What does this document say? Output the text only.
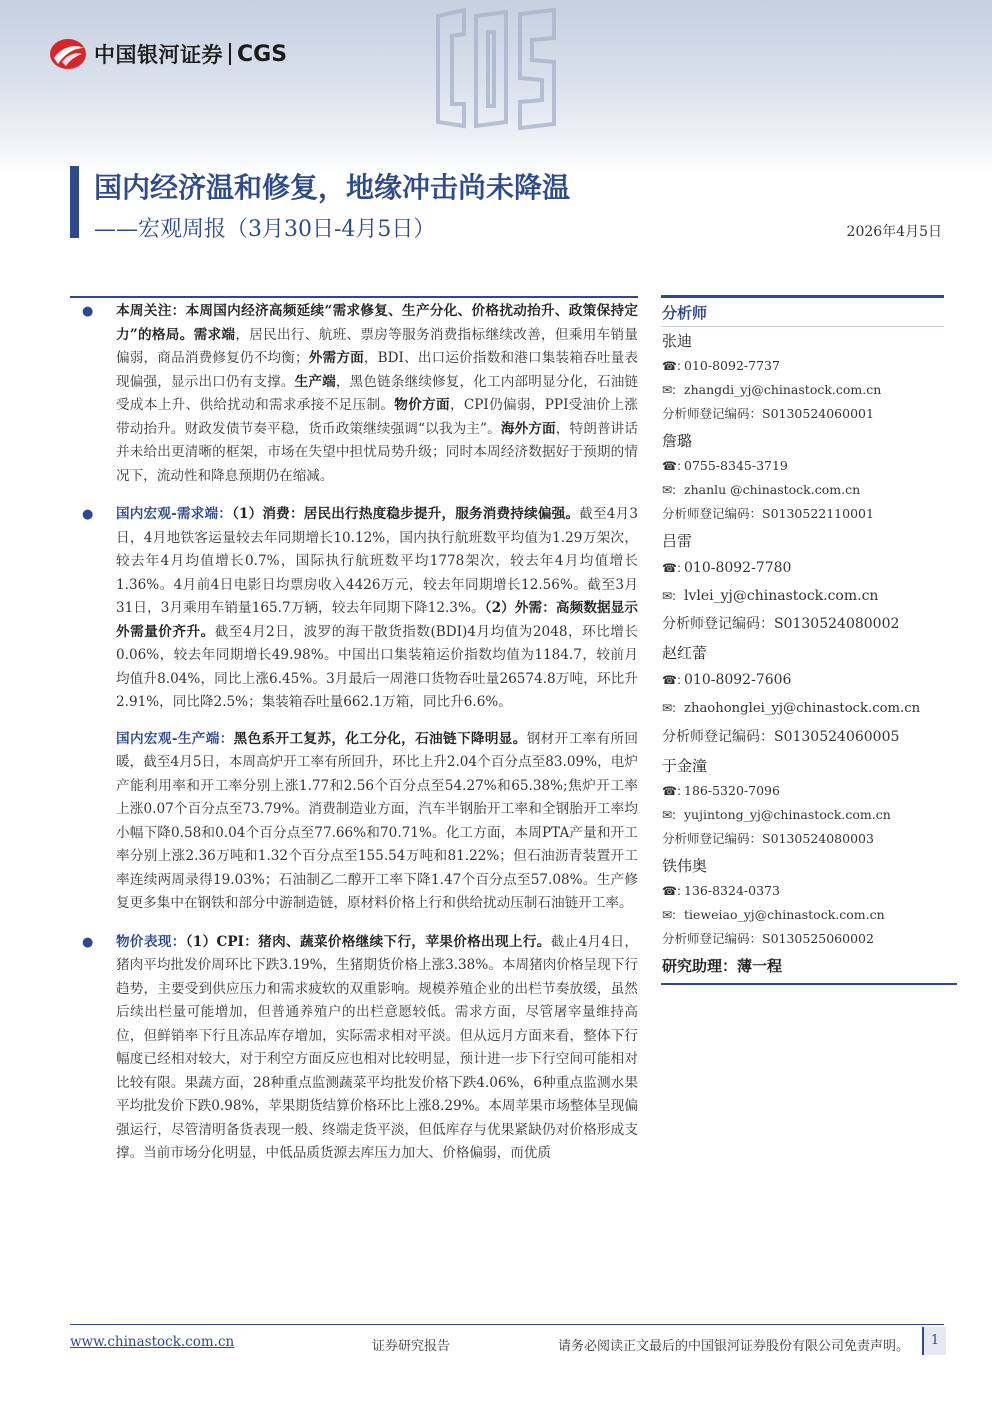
中国银河证券 CGS
国内经济温和修复，地缘冲击尚未降温
——宏观周报（3月30日-4月5日）	2026年4月5日
● 本周关注：本周国内经济高频延续“需求修复、生产分化、价格扰动抬升、政策保持定力”的格局。需求端，居民出行、航班、票房等服务消费指标继续改善，但乘用车销量偏弱，商品消费修复仍不均衡；外需方面，BDI、出口运价指数和港口集装箱吞吐量表现偏强，显示出口仍有支撑。生产端，黑色链条继续修复，化工内部明显分化，石油链受成本上升、供给扰动和需求承接不足压制。物价方面，CPI仍偏弱，PPI受油价上涨带动抬升。财政发债节奏平稳，货币政策继续强调“以我为主”。海外方面，特朗普讲话并未给出更清晰的框架，市场在失望中担忧局势升级；同时本周经济数据好于预期的情况下，流动性和降息预期仍在缩减。
● 国内宏观-需求端：（1）消费：居民出行热度稳步提升，服务消费持续偏强。截至4月3日，4月地铁客运量较去年同期增长10.12%，国内执行航班数平均值为1.29万架次，较去年4月均值增长0.7%，国际执行航班数平均1778架次，较去年4月均值增长1.36%。4月前4日电影日均票房收入4426万元，较去年同期增长12.56%。截至3月31日，3月乘用车销量165.7万辆，较去年同期下降12.3%。（2）外需：高频数据显示外需量价齐升。截至4月2日，波罗的海干散货指数(BDI)4月均值为2048，环比增长0.06%，较去年同期增长49.98%。中国出口集装箱运价指数均值为1184.7，较前月均值升8.04%，同比上涨6.45%。3月最后一周港口货物吞吐量26574.8万吨，环比升2.91%，同比降2.5%；集装箱吞吐量662.1万箱，同比升6.6%。
国内宏观-生产端：黑色系开工复苏，化工分化，石油链下降明显。钢材开工率有所回暖，截至4月5日，本周高炉开工率有所回升，环比上升2.04个百分点至83.09%，电炉产能利用率和开工率分别上涨1.77和2.56个百分点至54.27%和65.38%;焦炉开工率上涨0.07个百分点至73.79%。消费制造业方面，汽车半钢胎开工率和全钢胎开工率均小幅下降0.58和0.04个百分点至77.66%和70.71%。化工方面，本周PTA产量和开工率分别上涨2.36万吨和1.32个百分点至155.54万吨和81.22%；但石油沥青装置开工率连续两周录得19.03%；石油制乙二醇开工率下降1.47个百分点至57.08%。生产修复更多集中在钢铁和部分中游制造链，原材料价格上行和供给扰动压制石油链开工率。
● 物价表现：（1）CPI：猪肉、蔬菜价格继续下行，苹果价格出现上行。截止4月4日，猪肉平均批发价周环比下跌3.19%，生猪期货价格上涨3.38%。本周猪肉价格呈现下行趋势，主要受到供应压力和需求疲软的双重影响。规模养殖企业的出栏节奏放缓，虽然后续出栏量可能增加，但普通养殖户的出栏意愿较低。需求方面，尽管屠宰量维持高位，但鲜销率下行且冻品库存增加，实际需求相对平淡。但从远月方面来看，整体下行幅度已经相对较大，对于利空方面反应也相对比较明显，预计进一步下行空间可能相对比较有限。果蔬方面，28种重点监测蔬菜平均批发价格下跌4.06%，6种重点监测水果平均批发价下跌0.98%，苹果期货结算价格环比上涨8.29%。本周苹果市场整体呈现偏强运行，尽管清明备货表现一般、终端走货平淡，但低库存与优果紧缺仍对价格形成支撑。当前市场分化明显，中低品质货源去库压力加大、价格偏弱，而优质
分析师
张迪
☎: 010-8092-7737
✉: zhangdi_yj@chinastock.com.cn
分析师登记编码：S0130524060001
詹璐
☎: 0755-8345-3719
✉: zhanlu @chinastock.com.cn
分析师登记编码：S0130522110001
吕雷
☎: 010-8092-7780
✉: lvlei_yj@chinastock.com.cn
分析师登记编码：S0130524080002
赵红蕾
☎: 010-8092-7606
✉: zhaohonglei_yj@chinastock.com.cn
分析师登记编码：S0130524060005
于金潼
☎: 186-5320-7096
✉: yujintong_yj@chinastock.com.cn
分析师登记编码：S0130524080003
铁伟奥
☎: 136-8324-0373
✉: tieweiao_yj@chinastock.com.cn
分析师登记编码：S0130525060002
研究助理：薄一程
www.chinastock.com.cn	证券研究报告	请务必阅读正文最后的中国银河证券股份有限公司免责声明。	1
